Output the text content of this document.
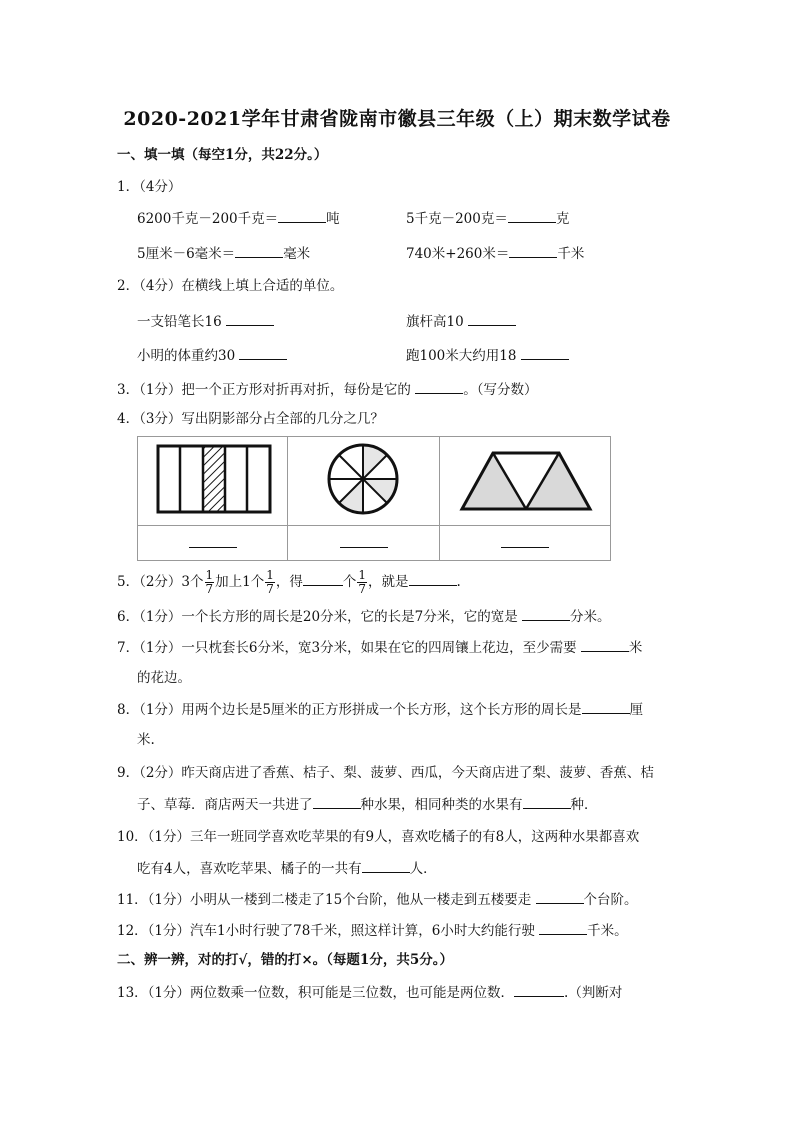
2020-2021学年甘肃省陇南市徽县三年级（上）期末数学试卷
一、填一填（每空1分，共22分。）
1．（4分）
6200千克－200千克＝	吨	5千克－200克＝	克
5厘米－6毫米＝	毫米	740米+260米＝	千米
2．（4分）在横线上填上合适的单位。
一支铅笔长16	旗杆高10
小明的体重约30	跑100米大约用18
3．（1分）把一个正方形对折再对折，每份是它的	。（写分数）
4．（3分）写出阴影部分占全部的几分之几？

5．（2分）3个 $\frac{1}{7}$ 加上1个 $\frac{1}{7}$ ，得	个 $\frac{1}{7}$ ，就是	.
6．（1分）一个长方形的周长是20分米，它的长是7分米，它的宽是	分米。
7．（1分）一只枕套长6分米，宽3分米，如果在它的四周镶上花边，至少需要	米
的花边。
8．（1分）用两个边长是5厘米的正方形拼成一个长方形，这个长方形的周长是	厘
米.
9．（2分）昨天商店进了香蕉、桔子、梨、菠萝、西瓜，今天商店进了梨、菠萝、香蕉、桔
子、草莓．商店两天一共进了	种水果，相同种类的水果有	种．
10．（1分）三年一班同学喜欢吃苹果的有9人，喜欢吃橘子的有8人，这两种水果都喜欢
吃有4人，喜欢吃苹果、橘子的一共有	人．
11．（1分）小明从一楼到二楼走了15个台阶，他从一楼走到五楼要走	个台阶。
12．（1分）汽车1小时行驶了78千米，照这样计算，6小时大约能行驶	千米。
二、辨一辨，对的打√，错的打×。（每题1分，共5分。）
13．（1分）两位数乘一位数，积可能是三位数，也可能是两位数．	.（判断对
